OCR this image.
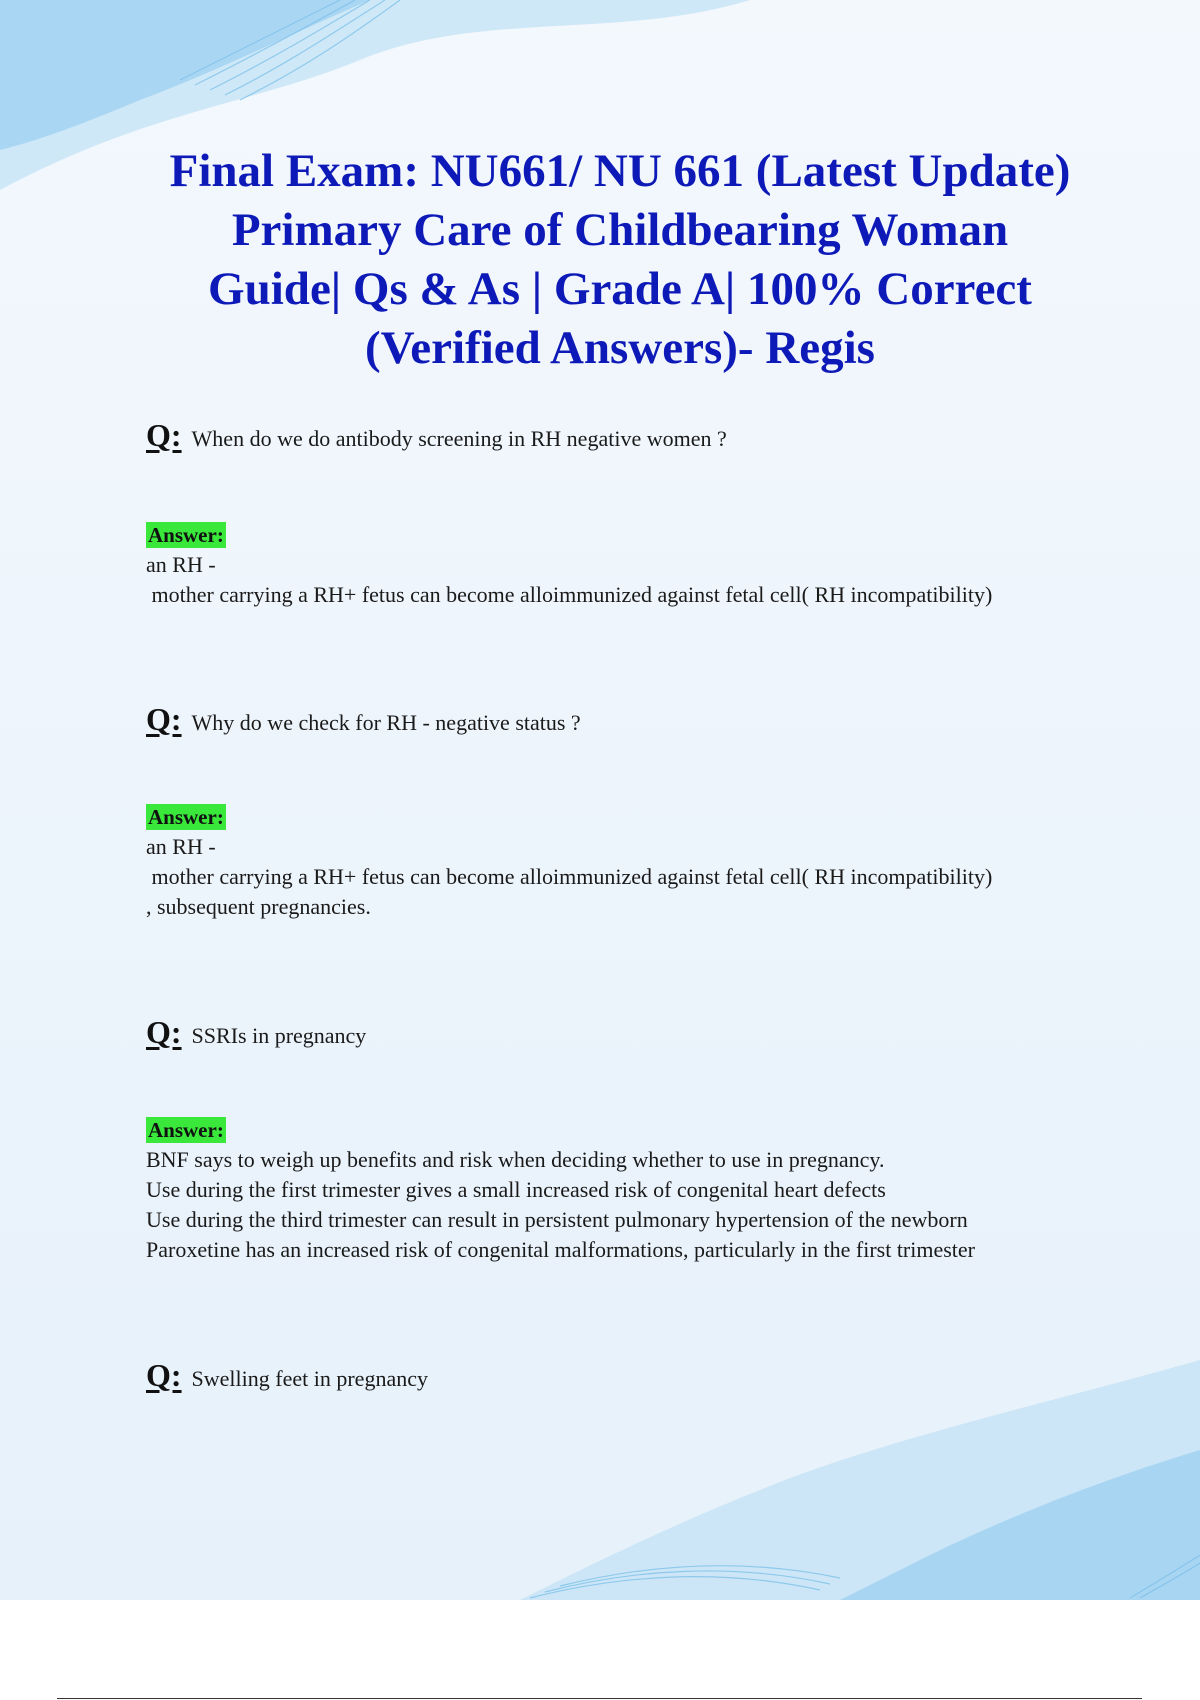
Final Exam: NU661/ NU 661 (Latest Update)
Primary Care of Childbearing Woman
Guide| Qs & As | Grade A| 100% Correct
(Verified Answers)- Regis
Q: When do we do antibody screening in RH negative women ?
Answer:
an RH -
mother carrying a RH+ fetus can become alloimmunized against fetal cell( RH incompatibility)
Q: Why do we check for RH - negative status ?
Answer:
an RH -
mother carrying a RH+ fetus can become alloimmunized against fetal cell( RH incompatibility)
, subsequent pregnancies.
Q: SSRIs in pregnancy
Answer:
BNF says to weigh up benefits and risk when deciding whether to use in pregnancy.
Use during the first trimester gives a small increased risk of congenital heart defects
Use during the third trimester can result in persistent pulmonary hypertension of the newborn
Paroxetine has an increased risk of congenital malformations, particularly in the first trimester
Q: Swelling feet in pregnancy
